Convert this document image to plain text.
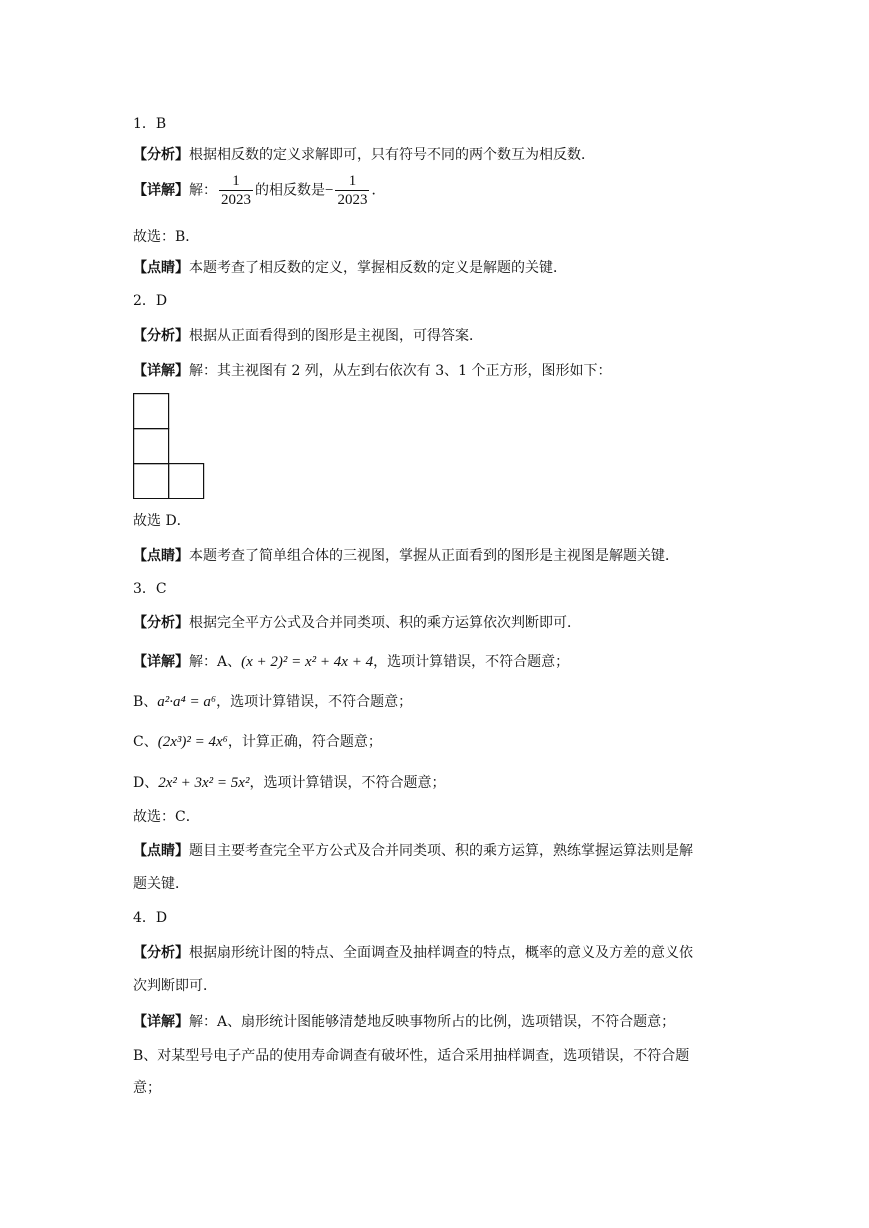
1．B
【分析】根据相反数的定义求解即可，只有符号不同的两个数互为相反数．
【详解】解： $\frac{1}{2023}$ 的相反数是− $\frac{1}{2023}$ ．
故选：B．
【点睛】本题考查了相反数的定义，掌握相反数的定义是解题的关键．
2．D
【分析】根据从正面看得到的图形是主视图，可得答案．
【详解】解：其主视图有 2 列，从左到右依次有 3、1 个正方形，图形如下：
故选 D．
【点睛】本题考查了简单组合体的三视图，掌握从正面看到的图形是主视图是解题关键．
3．C
【分析】根据完全平方公式及合并同类项、积的乘方运算依次判断即可．
【详解】解：A、(x + 2)² = x² + 4x + 4，选项计算错误，不符合题意；
B、a²·a⁴ = a⁶，选项计算错误，不符合题意；
C、(2x³)² = 4x⁶，计算正确，符合题意；
D、2x² + 3x² = 5x²，选项计算错误，不符合题意；
故选：C．
【点睛】题目主要考查完全平方公式及合并同类项、积的乘方运算，熟练掌握运算法则是解
题关键．
4．D
【分析】根据扇形统计图的特点、全面调查及抽样调查的特点，概率的意义及方差的意义依
次判断即可．
【详解】解：A、扇形统计图能够清楚地反映事物所占的比例，选项错误，不符合题意；
B、对某型号电子产品的使用寿命调查有破坏性，适合采用抽样调查，选项错误，不符合题
意；
